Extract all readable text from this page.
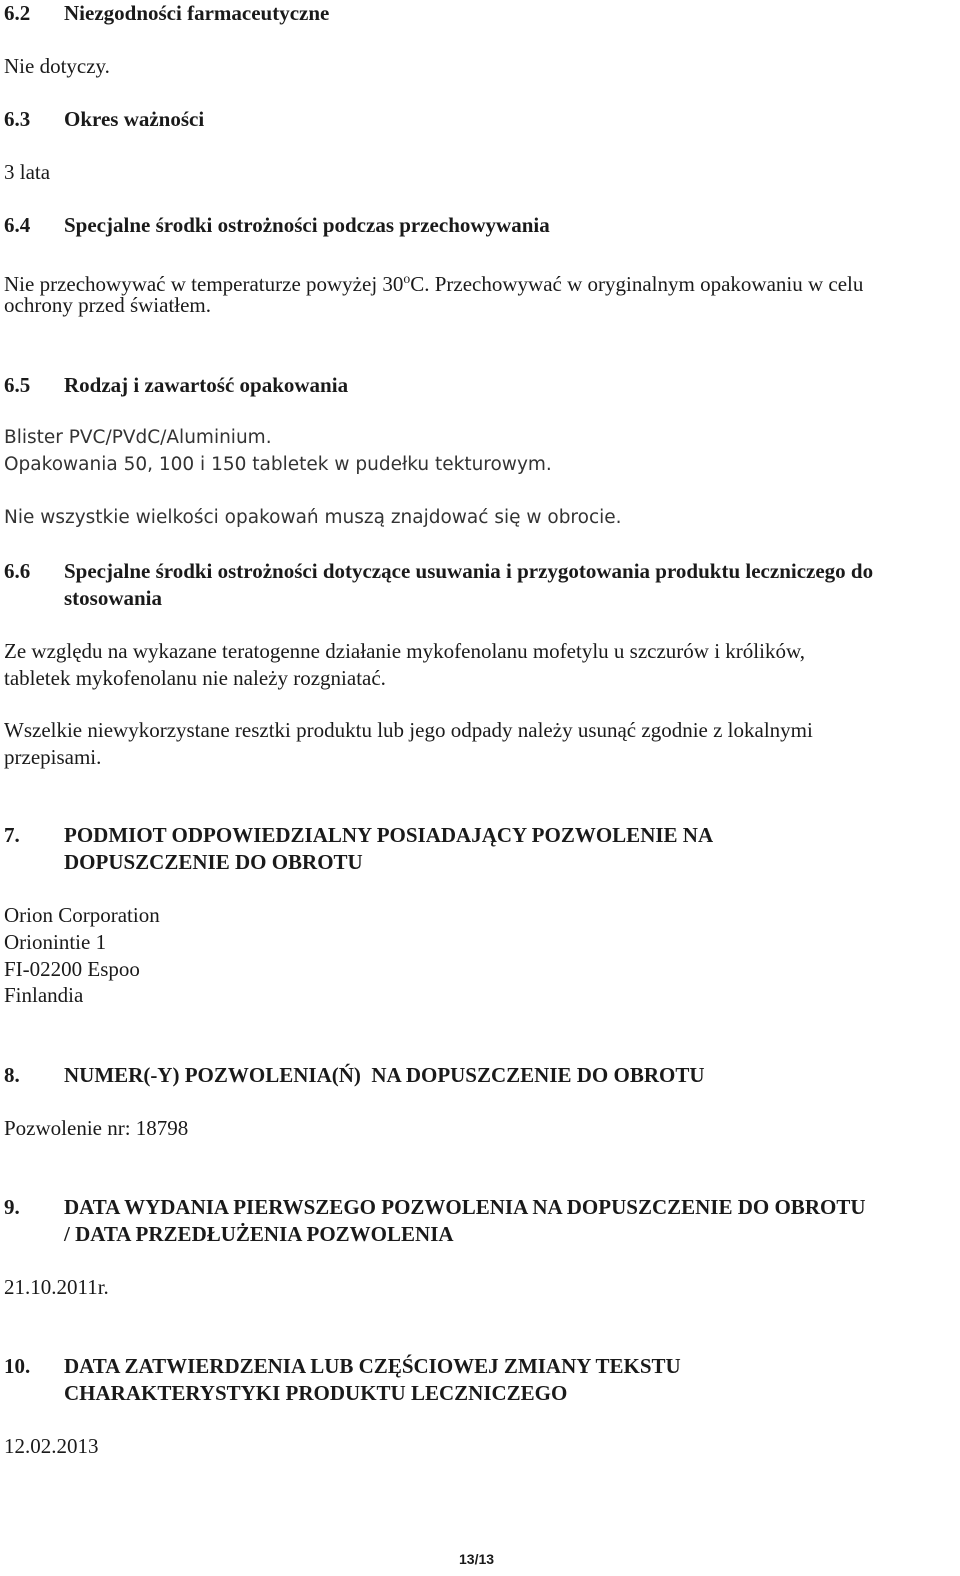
6.2 Niezgodności farmaceutyczne
Nie dotyczy.
6.3 Okres ważności
3 lata
6.4 Specjalne środki ostrożności podczas przechowywania
Nie przechowywać w temperaturze powyżej 30$^o$C. Przechowywać w oryginalnym opakowaniu w celu
ochrony przed światłem.
6.5 Rodzaj i zawartość opakowania
Blister PVC/PVdC/Aluminium.
Opakowania 50, 100 i 150 tabletek w pudełku tekturowym.
Nie wszystkie wielkości opakowań muszą znajdować się w obrocie.
6.6 Specjalne środki ostrożności dotyczące usuwania i przygotowania produktu leczniczego do
stosowania
Ze względu na wykazane teratogenne działanie mykofenolanu mofetylu u szczurów i królików,
tabletek mykofenolanu nie należy rozgniatać.
Wszelkie niewykorzystane resztki produktu lub jego odpady należy usunąć zgodnie z lokalnymi
przepisami.
7. PODMIOT ODPOWIEDZIALNY POSIADAJĄCY POZWOLENIE NA
DOPUSZCZENIE DO OBROTU
Orion Corporation
Orionintie 1
FI-02200 Espoo
Finlandia
8. NUMER(-Y) POZWOLENIA(Ń)  NA DOPUSZCZENIE DO OBROTU
Pozwolenie nr: 18798
9. DATA WYDANIA PIERWSZEGO POZWOLENIA NA DOPUSZCZENIE DO OBROTU
/ DATA PRZEDŁUŻENIA POZWOLENIA
21.10.2011r.
10. DATA ZATWIERDZENIA LUB CZĘŚCIOWEJ ZMIANY TEKSTU
CHARAKTERYSTYKI PRODUKTU LECZNICZEGO
12.02.2013
13/13
